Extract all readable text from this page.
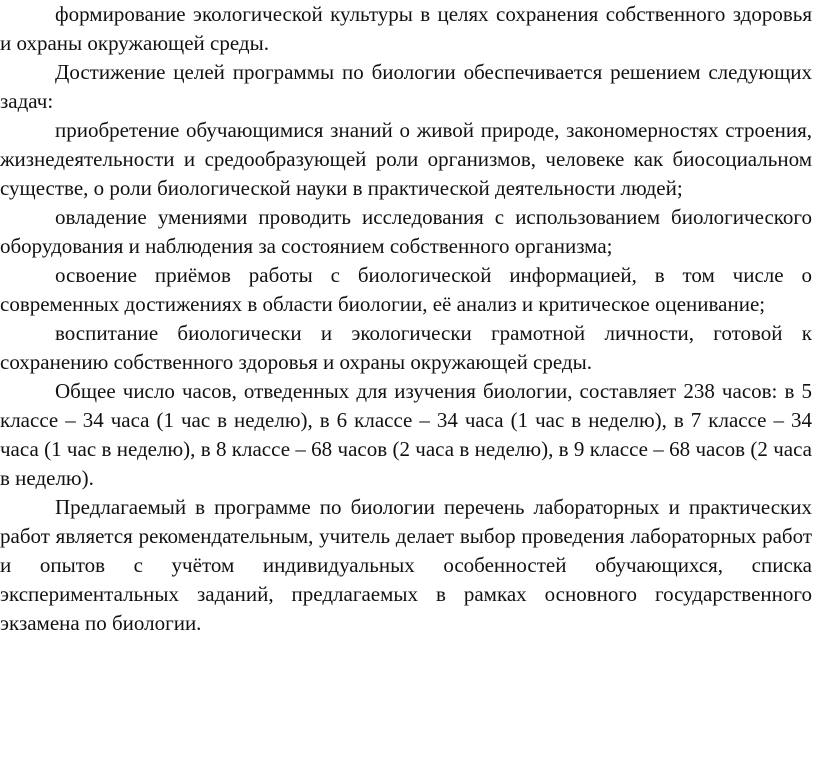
формирование экологической культуры в целях сохранения собственного здоровья и охраны окружающей среды.

Достижение целей программы по биологии обеспечивается решением следующих задач:

приобретение обучающимися знаний о живой природе, закономерностях строения, жизнедеятельности и средообразующей роли организмов, человеке как биосоциальном существе, о роли биологической науки в практической деятельности людей;

овладение умениями проводить исследования с использованием биологического оборудования и наблюдения за состоянием собственного организма;

освоение приёмов работы с биологической информацией, в том числе о современных достижениях в области биологии, её анализ и критическое оценивание;

воспитание биологически и экологически грамотной личности, готовой к сохранению собственного здоровья и охраны окружающей среды.

Общее число часов, отведенных для изучения биологии, составляет 238 часов: в 5 классе – 34 часа (1 час в неделю), в 6 классе – 34 часа (1 час в неделю), в 7 классе – 34 часа (1 час в неделю), в 8 классе – 68 часов (2 часа в неделю), в 9 классе – 68 часов (2 часа в неделю).

Предлагаемый в программе по биологии перечень лабораторных и практических работ является рекомендательным, учитель делает выбор проведения лабораторных работ и опытов с учётом индивидуальных особенностей обучающихся, списка экспериментальных заданий, предлагаемых в рамках основного государственного экзамена по биологии.
